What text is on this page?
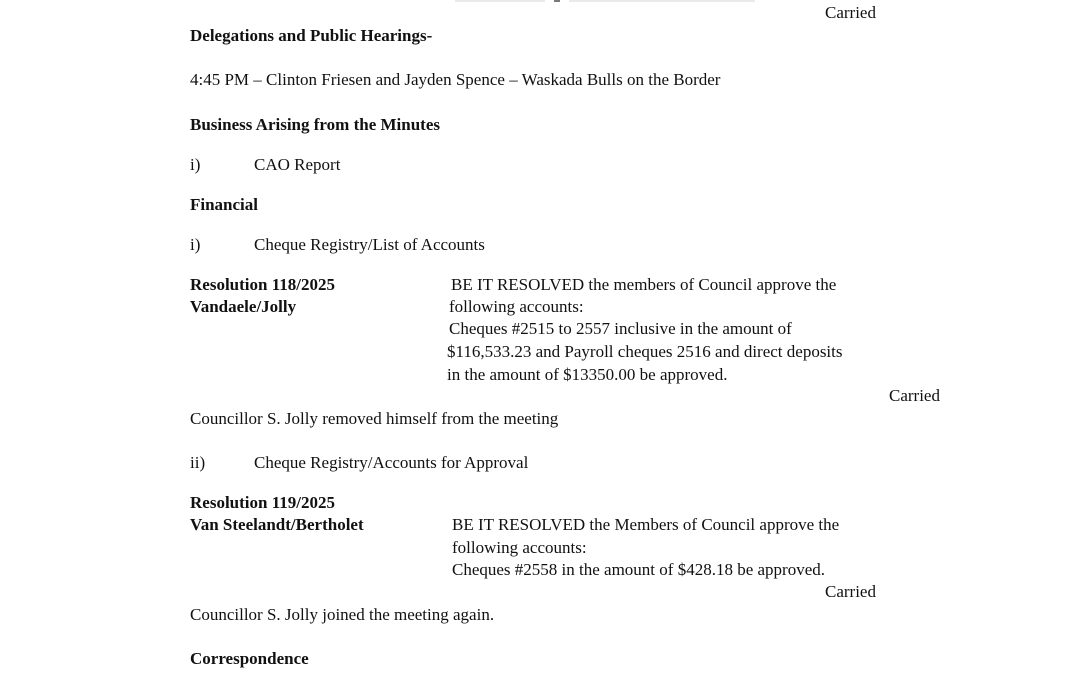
Carried
Delegations and Public Hearings-
4:45 PM – Clinton Friesen and Jayden Spence – Waskada Bulls on the Border
Business Arising from the Minutes
i)	CAO Report
Financial
i)	Cheque Registry/List of Accounts
Resolution 118/2025
Vandaele/Jolly
BE IT RESOLVED the members of Council approve the
following accounts:
Cheques #2515 to 2557 inclusive in the amount of
$116,533.23 and Payroll cheques 2516 and direct deposits
in the amount of $13350.00 be approved.
Carried
Councillor S. Jolly removed himself from the meeting
ii)	Cheque Registry/Accounts for Approval
Resolution 119/2025
Van Steelandt/Bertholet	BE IT RESOLVED the Members of Council approve the
following accounts:
Cheques #2558 in the amount of $428.18 be approved.
Carried
Councillor S. Jolly joined the meeting again.
Correspondence
